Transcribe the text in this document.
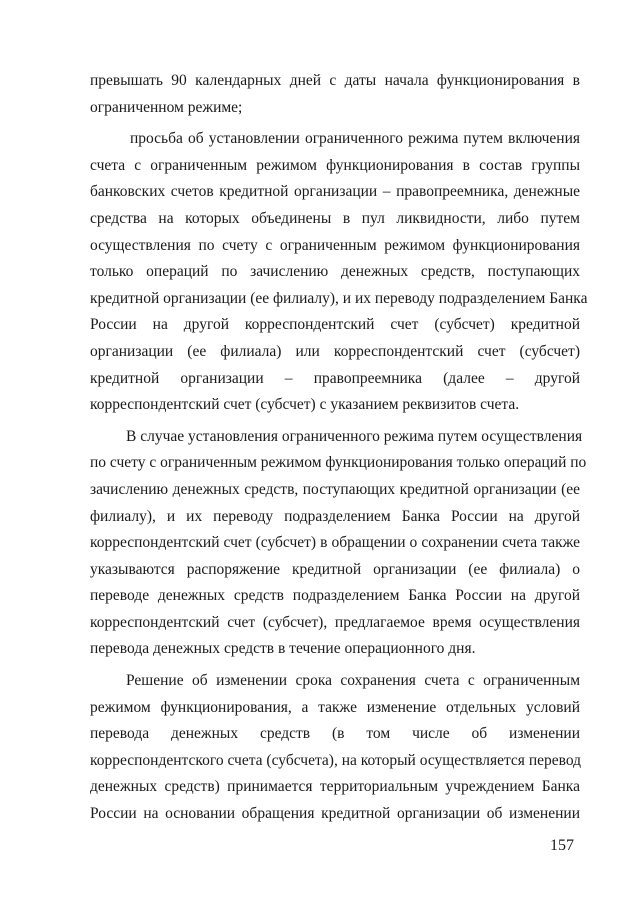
превышать 90 календарных дней с даты начала функционирования в
ограниченном режиме;

просьба об установлении ограниченного режима путем включения
счета с ограниченным режимом функционирования в состав группы
банковских счетов кредитной организации – правопреемника, денежные
средства на которых объединены в пул ликвидности, либо путем
осуществления по счету с ограниченным режимом функционирования
только операций по зачислению денежных средств, поступающих
кредитной организации (ее филиалу), и их переводу подразделением Банка
России на другой корреспондентский счет (субсчет) кредитной
организации (ее филиала) или корреспондентский счет (субсчет)
кредитной организации – правопреемника (далее – другой
корреспондентский счет (субсчет) с указанием реквизитов счета.

В случае установления ограниченного режима путем осуществления
по счету с ограниченным режимом функционирования только операций по
зачислению денежных средств, поступающих кредитной организации (ее
филиалу), и их переводу подразделением Банка России на другой
корреспондентский счет (субсчет) в обращении о сохранении счета также
указываются распоряжение кредитной организации (ее филиала) о
переводе денежных средств подразделением Банка России на другой
корреспондентский счет (субсчет), предлагаемое время осуществления
перевода денежных средств в течение операционного дня.

Решение об изменении срока сохранения счета с ограниченным
режимом функционирования, а также изменение отдельных условий
перевода денежных средств (в том числе об изменении
корреспондентского счета (субсчета), на который осуществляется перевод
денежных средств) принимается территориальным учреждением Банка
России на основании обращения кредитной организации об изменении

157
